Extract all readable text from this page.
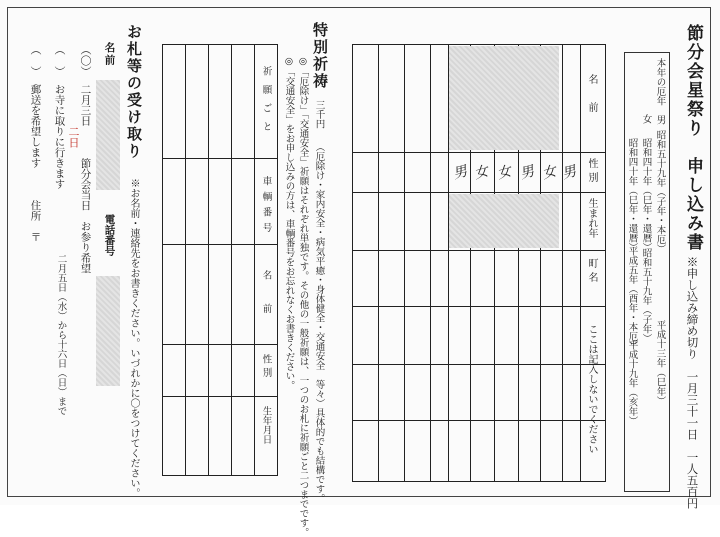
節分会星祭り　申し込み書
※申し込み締め切り　一月三十一日　一人五百円
本年の厄年　男
昭和五十九年（子年・本厄）
平成十三年（巳年）
女
昭和四十年（巳年・還暦）
昭和五十九年（子年）
平成十九年（亥年）
昭和四十年（巳年・還暦）
平成五年（酉年・本厄）
名前
性別
生まれ年
町名
ここは記入しないでください
男 女 女 男 女 男
特別祈祷
三千円
（厄除け・家内安全・病気平癒・身体健全・交通安全　等々）具体的でも結構です。
◎「厄除け」「交通安全」祈願はそれぞれ単独です。その他の一般祈願は、一つのお札に祈願ごと二つまでです。
◎「交通安全」をお申し込みの方は、車輌番号をお忘れなくお書きください。
祈願ごと
車輌番号
名前
性別
生年月日
お札等の受け取り
※お名前・連絡先をお書きください。いづれかに〇をつけてください。
名前
電話番号
（〇）
二月三日
二日
節分会当日　お参り希望
（　）
お寺に取りに行きます
二月五日（水）から十六日（日）まで
（　）
郵送を希望します
住所　〒
